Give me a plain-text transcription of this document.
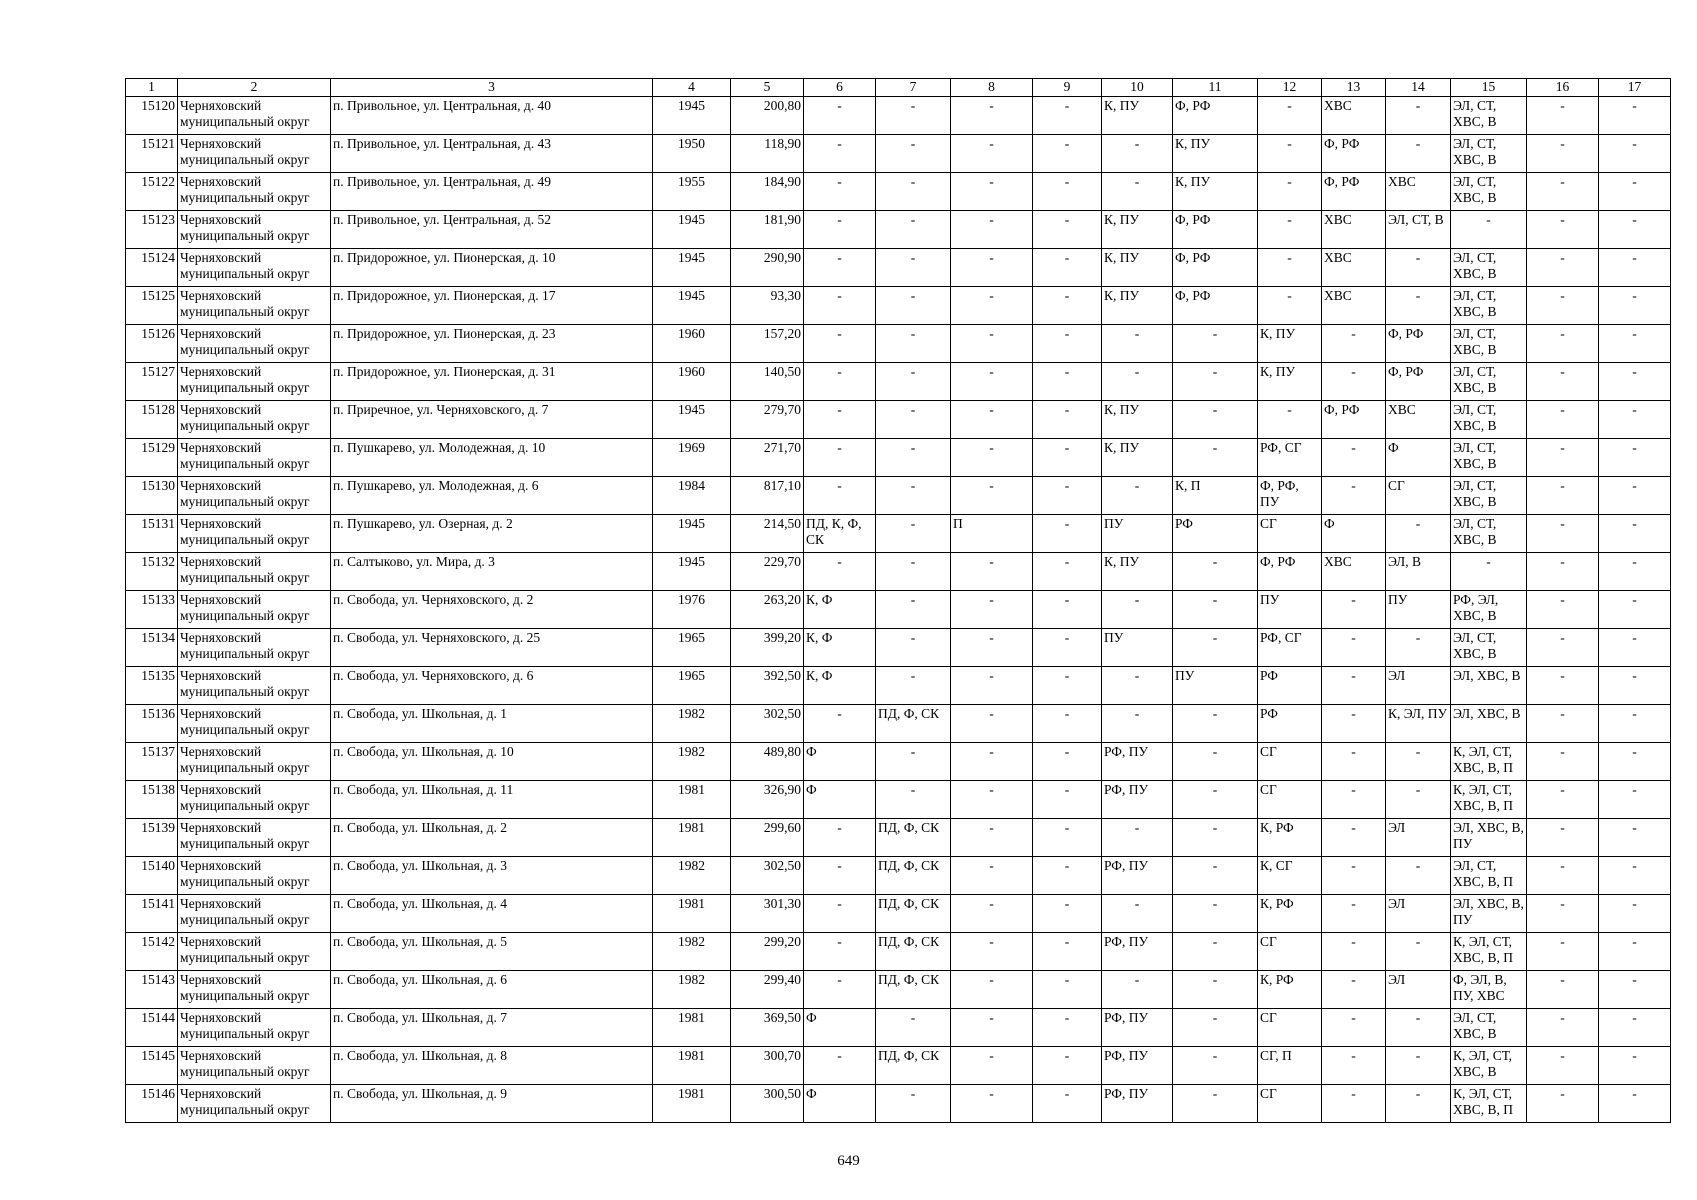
1	2	3	4	5	6	7	8	9	10	11	12	13	14	15	16	17
15120	Черняховский муниципальный округ	п. Привольное, ул. Центральная, д. 40	1945	200,80	-	-	-	-	К, ПУ	Ф, РФ	-	ХВС	-	ЭЛ, СТ, ХВС, В	-	-
15121	Черняховский муниципальный округ	п. Привольное, ул. Центральная, д. 43	1950	118,90	-	-	-	-	-	К, ПУ	-	Ф, РФ	-	ЭЛ, СТ, ХВС, В	-	-
15122	Черняховский муниципальный округ	п. Привольное, ул. Центральная, д. 49	1955	184,90	-	-	-	-	-	К, ПУ	-	Ф, РФ	ХВС	ЭЛ, СТ, ХВС, В	-	-
15123	Черняховский муниципальный округ	п. Привольное, ул. Центральная, д. 52	1945	181,90	-	-	-	-	К, ПУ	Ф, РФ	-	ХВС	ЭЛ, СТ, В	-	-	-
15124	Черняховский муниципальный округ	п. Придорожное, ул. Пионерская, д. 10	1945	290,90	-	-	-	-	К, ПУ	Ф, РФ	-	ХВС	-	ЭЛ, СТ, ХВС, В	-	-
15125	Черняховский муниципальный округ	п. Придорожное, ул. Пионерская, д. 17	1945	93,30	-	-	-	-	К, ПУ	Ф, РФ	-	ХВС	-	ЭЛ, СТ, ХВС, В	-	-
15126	Черняховский муниципальный округ	п. Придорожное, ул. Пионерская, д. 23	1960	157,20	-	-	-	-	-	-	К, ПУ	-	Ф, РФ	ЭЛ, СТ, ХВС, В	-	-
15127	Черняховский муниципальный округ	п. Придорожное, ул. Пионерская, д. 31	1960	140,50	-	-	-	-	-	-	К, ПУ	-	Ф, РФ	ЭЛ, СТ, ХВС, В	-	-
15128	Черняховский муниципальный округ	п. Приречное, ул. Черняховского, д. 7	1945	279,70	-	-	-	-	К, ПУ	-	-	Ф, РФ	ХВС	ЭЛ, СТ, ХВС, В	-	-
15129	Черняховский муниципальный округ	п. Пушкарево, ул. Молодежная, д. 10	1969	271,70	-	-	-	-	К, ПУ	-	РФ, СГ	-	Ф	ЭЛ, СТ, ХВС, В	-	-
15130	Черняховский муниципальный округ	п. Пушкарево, ул. Молодежная, д. 6	1984	817,10	-	-	-	-	-	К, П	Ф, РФ, ПУ	-	СГ	ЭЛ, СТ, ХВС, В	-	-
15131	Черняховский муниципальный округ	п. Пушкарево, ул. Озерная, д. 2	1945	214,50	ПД, К, Ф, СК	-	П	-	ПУ	РФ	СГ	Ф	-	ЭЛ, СТ, ХВС, В	-	-
15132	Черняховский муниципальный округ	п. Салтыково, ул. Мира, д. 3	1945	229,70	-	-	-	-	К, ПУ	-	Ф, РФ	ХВС	ЭЛ, В	-	-	-
15133	Черняховский муниципальный округ	п. Свобода, ул. Черняховского, д. 2	1976	263,20	К, Ф	-	-	-	-	-	ПУ	-	ПУ	РФ, ЭЛ, ХВС, В	-	-
15134	Черняховский муниципальный округ	п. Свобода, ул. Черняховского, д. 25	1965	399,20	К, Ф	-	-	-	ПУ	-	РФ, СГ	-	-	ЭЛ, СТ, ХВС, В	-	-
15135	Черняховский муниципальный округ	п. Свобода, ул. Черняховского, д. 6	1965	392,50	К, Ф	-	-	-	-	ПУ	РФ	-	ЭЛ	ЭЛ, ХВС, В	-	-
15136	Черняховский муниципальный округ	п. Свобода, ул. Школьная, д. 1	1982	302,50	-	ПД, Ф, СК	-	-	-	-	РФ	-	К, ЭЛ, ПУ	ЭЛ, ХВС, В	-	-
15137	Черняховский муниципальный округ	п. Свобода, ул. Школьная, д. 10	1982	489,80	Ф	-	-	-	РФ, ПУ	-	СГ	-	-	К, ЭЛ, СТ, ХВС, В, П	-	-
15138	Черняховский муниципальный округ	п. Свобода, ул. Школьная, д. 11	1981	326,90	Ф	-	-	-	РФ, ПУ	-	СГ	-	-	К, ЭЛ, СТ, ХВС, В, П	-	-
15139	Черняховский муниципальный округ	п. Свобода, ул. Школьная, д. 2	1981	299,60	-	ПД, Ф, СК	-	-	-	-	К, РФ	-	ЭЛ	ЭЛ, ХВС, В, ПУ	-	-
15140	Черняховский муниципальный округ	п. Свобода, ул. Школьная, д. 3	1982	302,50	-	ПД, Ф, СК	-	-	РФ, ПУ	-	К, СГ	-	-	ЭЛ, СТ, ХВС, В, П	-	-
15141	Черняховский муниципальный округ	п. Свобода, ул. Школьная, д. 4	1981	301,30	-	ПД, Ф, СК	-	-	-	-	К, РФ	-	ЭЛ	ЭЛ, ХВС, В, ПУ	-	-
15142	Черняховский муниципальный округ	п. Свобода, ул. Школьная, д. 5	1982	299,20	-	ПД, Ф, СК	-	-	РФ, ПУ	-	СГ	-	-	К, ЭЛ, СТ, ХВС, В, П	-	-
15143	Черняховский муниципальный округ	п. Свобода, ул. Школьная, д. 6	1982	299,40	-	ПД, Ф, СК	-	-	-	-	К, РФ	-	ЭЛ	Ф, ЭЛ, В, ПУ, ХВС	-	-
15144	Черняховский муниципальный округ	п. Свобода, ул. Школьная, д. 7	1981	369,50	Ф	-	-	-	РФ, ПУ	-	СГ	-	-	ЭЛ, СТ, ХВС, В	-	-
15145	Черняховский муниципальный округ	п. Свобода, ул. Школьная, д. 8	1981	300,70	-	ПД, Ф, СК	-	-	РФ, ПУ	-	СГ, П	-	-	К, ЭЛ, СТ, ХВС, В	-	-
15146	Черняховский муниципальный округ	п. Свобода, ул. Школьная, д. 9	1981	300,50	Ф	-	-	-	РФ, ПУ	-	СГ	-	-	К, ЭЛ, СТ, ХВС, В, П	-	-
649
